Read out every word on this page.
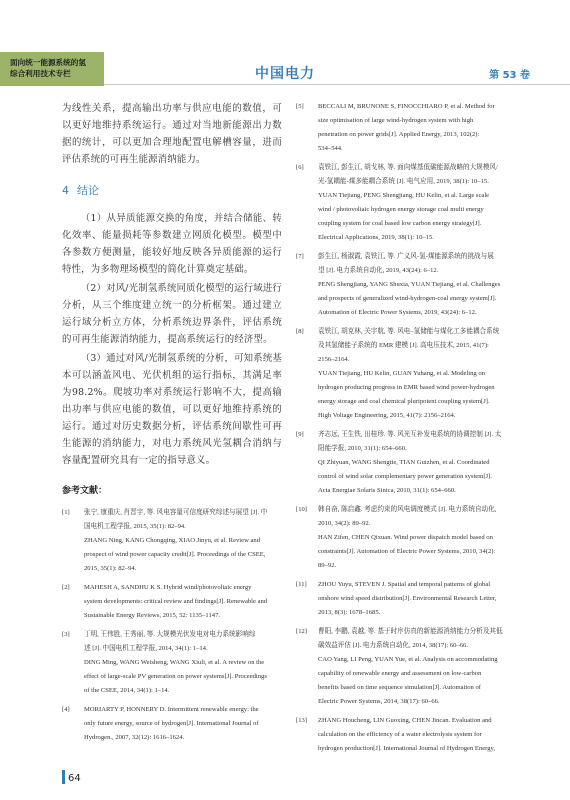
面向统一能源系统的氢
综合利用技术专栏	中国电力	第 53 卷

为线性关系，提高输出功率与供应电能的数值，可以更好地维持系统运行。通过对当地新能源出力数据的统计，可以更加合理地配置电解槽容量，进而评估系统的可再生能源消纳能力。

4 结论

（1）从异质能源交换的角度，并结合储能、转化效率、能量损耗等参数建立网质化模型。模型中各参数方便测量，能较好地反映各异质能源的运行特性，为多物理场模型的简化计算奠定基础。

（2）对风/光制氢系统同质化模型的运行域进行分析，从三个维度建立统一的分析框架。通过建立运行域分析立方体，分析系统边界条件，评估系统的可再生能源消纳能力，提高系统运行的经济型。

（3）通过对风/光制氢系统的分析，可知系统基本可以涵盖风电、光伏机组的运行指标，其满足率为98.2%。爬坡功率对系统运行影响不大，提高输出功率与供应电能的数值，可以更好地维持系统的运行。通过对历史数据分析，评估系统间歇性可再生能源的消纳能力，对电力系统风光氢耦合消纳与容量配置研究具有一定的指导意义。

参考文献：
[1]	张宁, 康重庆, 肖晋宇, 等. 风电容量可信度研究综述与展望 [J]. 中

国电机工程学报, 2015, 35(1): 82–94.

ZHANG Ning, KANG Chongqing, XIAO Jinyu, et al. Review and

prospect of wind power capacity credit[J]. Proceedings of the CSEE,

2015, 35(1): 82–94.

[2]	MAHESH A, SANDHU K S. Hybrid wind/photovoltaic energy

system developments: critical review and findings[J]. Renewable and

Sustainable Energy Reviews, 2015, 52: 1135–1147.

[3]	丁明, 王伟胜, 王秀丽, 等. 大规模光伏发电对电力系统影响综

述 [J]. 中国电机工程学报, 2014, 34(1): 1–14.

DING Ming, WANG Weisheng, WANG Xiuli, et al. A review on the

effect of large-scale PV generation on power systems[J]. Proceedings

of the CSEE, 2014, 34(1): 1–14.

[4]	MORIARTY P, HONNERY D. Intermittent renewable energy: the

only future energy, source of hydrogen[J]. International Journal of

Hydrogen., 2007, 32(12): 1616–1624.

[5]	BECCALI M, BRUNONE S, FINOCCHIARO P, et al. Method for

size optimisation of large wind-hydrogen system with high

penetration on power grids[J]. Applied Energy, 2013, 102(2):

534–544.

[6]	袁铁江, 彭生江, 胡戈林, 等. 面向煤基低碳能源战略的大规模风/

光-氢耦能-煤多能耦合系统 [J]. 电气应用, 2019, 38(1): 10–15.

YUAN Tiejiang, PENG Shengjiang, HU Kelin, et al. Large scale

wind / photovoltaic hydrogen energy storage coal multi energy

coupling system for coal based low carbon energy strategy[J].

Electrical Applications, 2019, 38(1): 10–15.

[7]	彭生江, 杨淑霞, 袁铁江, 等. 广义风-氢-煤能源系统的挑战与展

望 [J]. 电力系统自动化, 2019, 43(24): 6–12.

PENG Shengjiang, YANG Shuxia, YUAN Tiejiang, et al. Challenges

and prospects of generalized wind-hydrogen-coal energy system[J].

Automation of Electric Power Systems, 2019, 43(24): 6–12.

[8]	袁铁江, 胡克林, 关宇航, 等. 风电–氢储能与煤化工多能耦合系统

及其氢储能子系统的 EMR 建模 [J]. 高电压技术, 2015, 41(7):

2156–2164.

YUAN Tiejiang, HU Kelin, GUAN Yuhang, et al. Modeling on

hydrogen producing progress in EMR based wind power-hydrogen

energy storage and coal chemical pluripotent coupling system[J].

High Voltage Engineering, 2015, 41(7): 2156–2164.

[9]	齐志远, 王生铁, 田桂珍. 等. 风光互补发电系统的协调控制 [J]. 太

阳能学报, 2010, 31(1): 654–660.

QI Zhiyuan, WANG Shengtie, TIAN Guizhen, et al. Coordinated

control of wind solar complementary power generation system[J].

Acta Energiae Solaris Sinica, 2010, 31(1): 654–660.

[10]	韩自奋, 陈启鑫. 考虑约束的风电调度模式 [J]. 电力系统自动化,

2010, 34(2): 89–92.

HAN Zifen, CHEN Qixuan. Wind power dispatch model based on

constraints[J]. Automation of Electric Power Systems, 2010, 34(2):

89–92.

[11]	ZHOU Yuyu, STEVEN J. Spatial and temporal patterns of global

onshore wind speed distribution[J]. Environmental Research Letter,

2013, 8(3): 1678–1685.

[12]	曹阳, 李鹏, 袁越, 等. 基于时序仿真的新能源消纳能力分析及其低

碳效益评估 [J]. 电力系统自动化, 2014, 38(17): 60–66.

CAO Yang, LI Peng, YUAN Yue, et al. Analysis on accommodating

capability of renewable energy and assessment on low-carbon

benefits based on time sequence simulation[J]. Automation of

Electric Power Systems, 2014, 38(17): 60–66.

[13]	ZHANG Houcheng, LIN Guoxing, CHEN Jincan. Evaluation and

calculation on the efficiency of a water electrolysis system for

hydrogen production[J]. International Journal of Hydrogen Energy,

64
